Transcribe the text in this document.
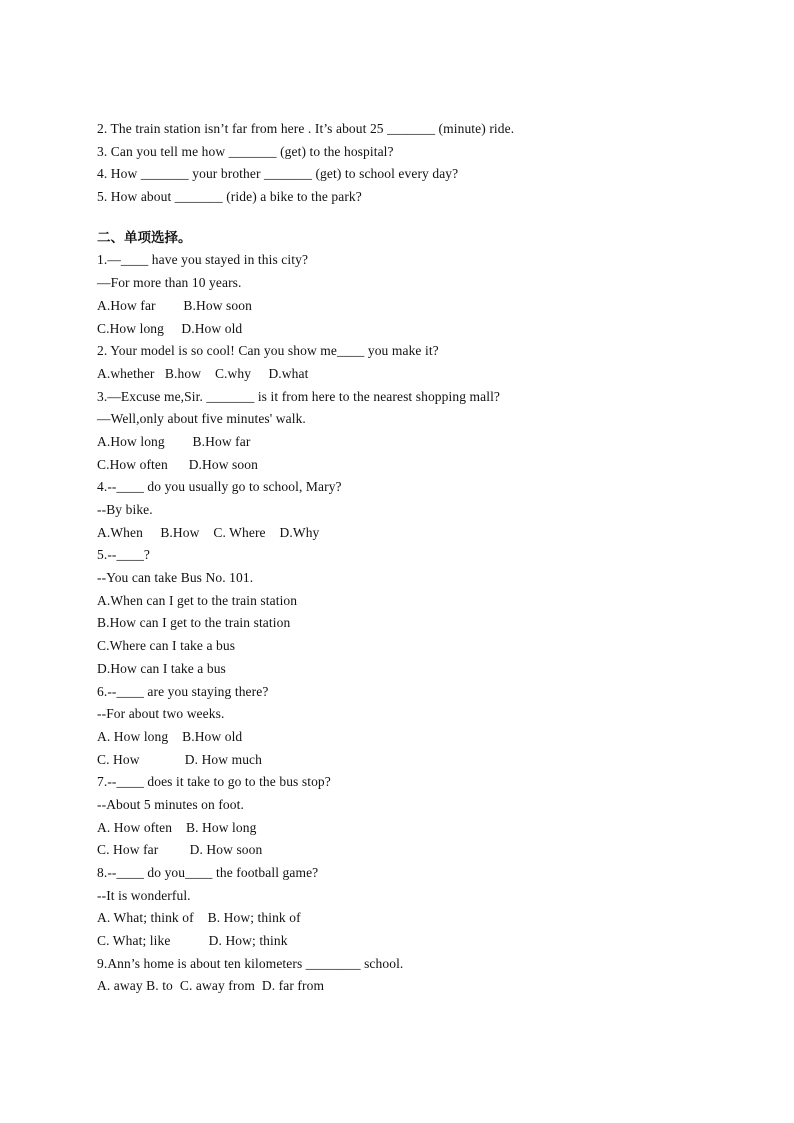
2. The train station isn’t far from here . It’s about 25 _______ (minute) ride.
3. Can you tell me how _______ (get) to the hospital?
4. How _______ your brother _______ (get) to school every day?
5. How about _______ (ride) a bike to the park?
二、单项选择。
1.—____ have you stayed in this city?
—For more than 10 years.
A.How far        B.How soon
C.How long     D.How old
2. Your model is so cool! Can you show me____ you make it?
A.whether   B.how    C.why     D.what
3.—Excuse me,Sir. _______ is it from here to the nearest shopping mall?
—Well,only about five minutes' walk.
A.How long        B.How far
C.How often      D.How soon
4.--____ do you usually go to school, Mary?
--By bike.
A.When     B.How    C. Where    D.Why
5.--____?
--You can take Bus No. 101.
A.When can I get to the train station
B.How can I get to the train station
C.Where can I take a bus
D.How can I take a bus
6.--____ are you staying there?
--For about two weeks.
A. How long    B.How old
C. How             D. How much
7.--____ does it take to go to the bus stop?
--About 5 minutes on foot.
A. How often    B. How long
C. How far         D. How soon
8.--____ do you____ the football game?
--It is wonderful.
A. What; think of    B. How; think of
C. What; like           D. How; think
9.Ann’s home is about ten kilometers ________ school.
A. away B. to  C. away from  D. far from
